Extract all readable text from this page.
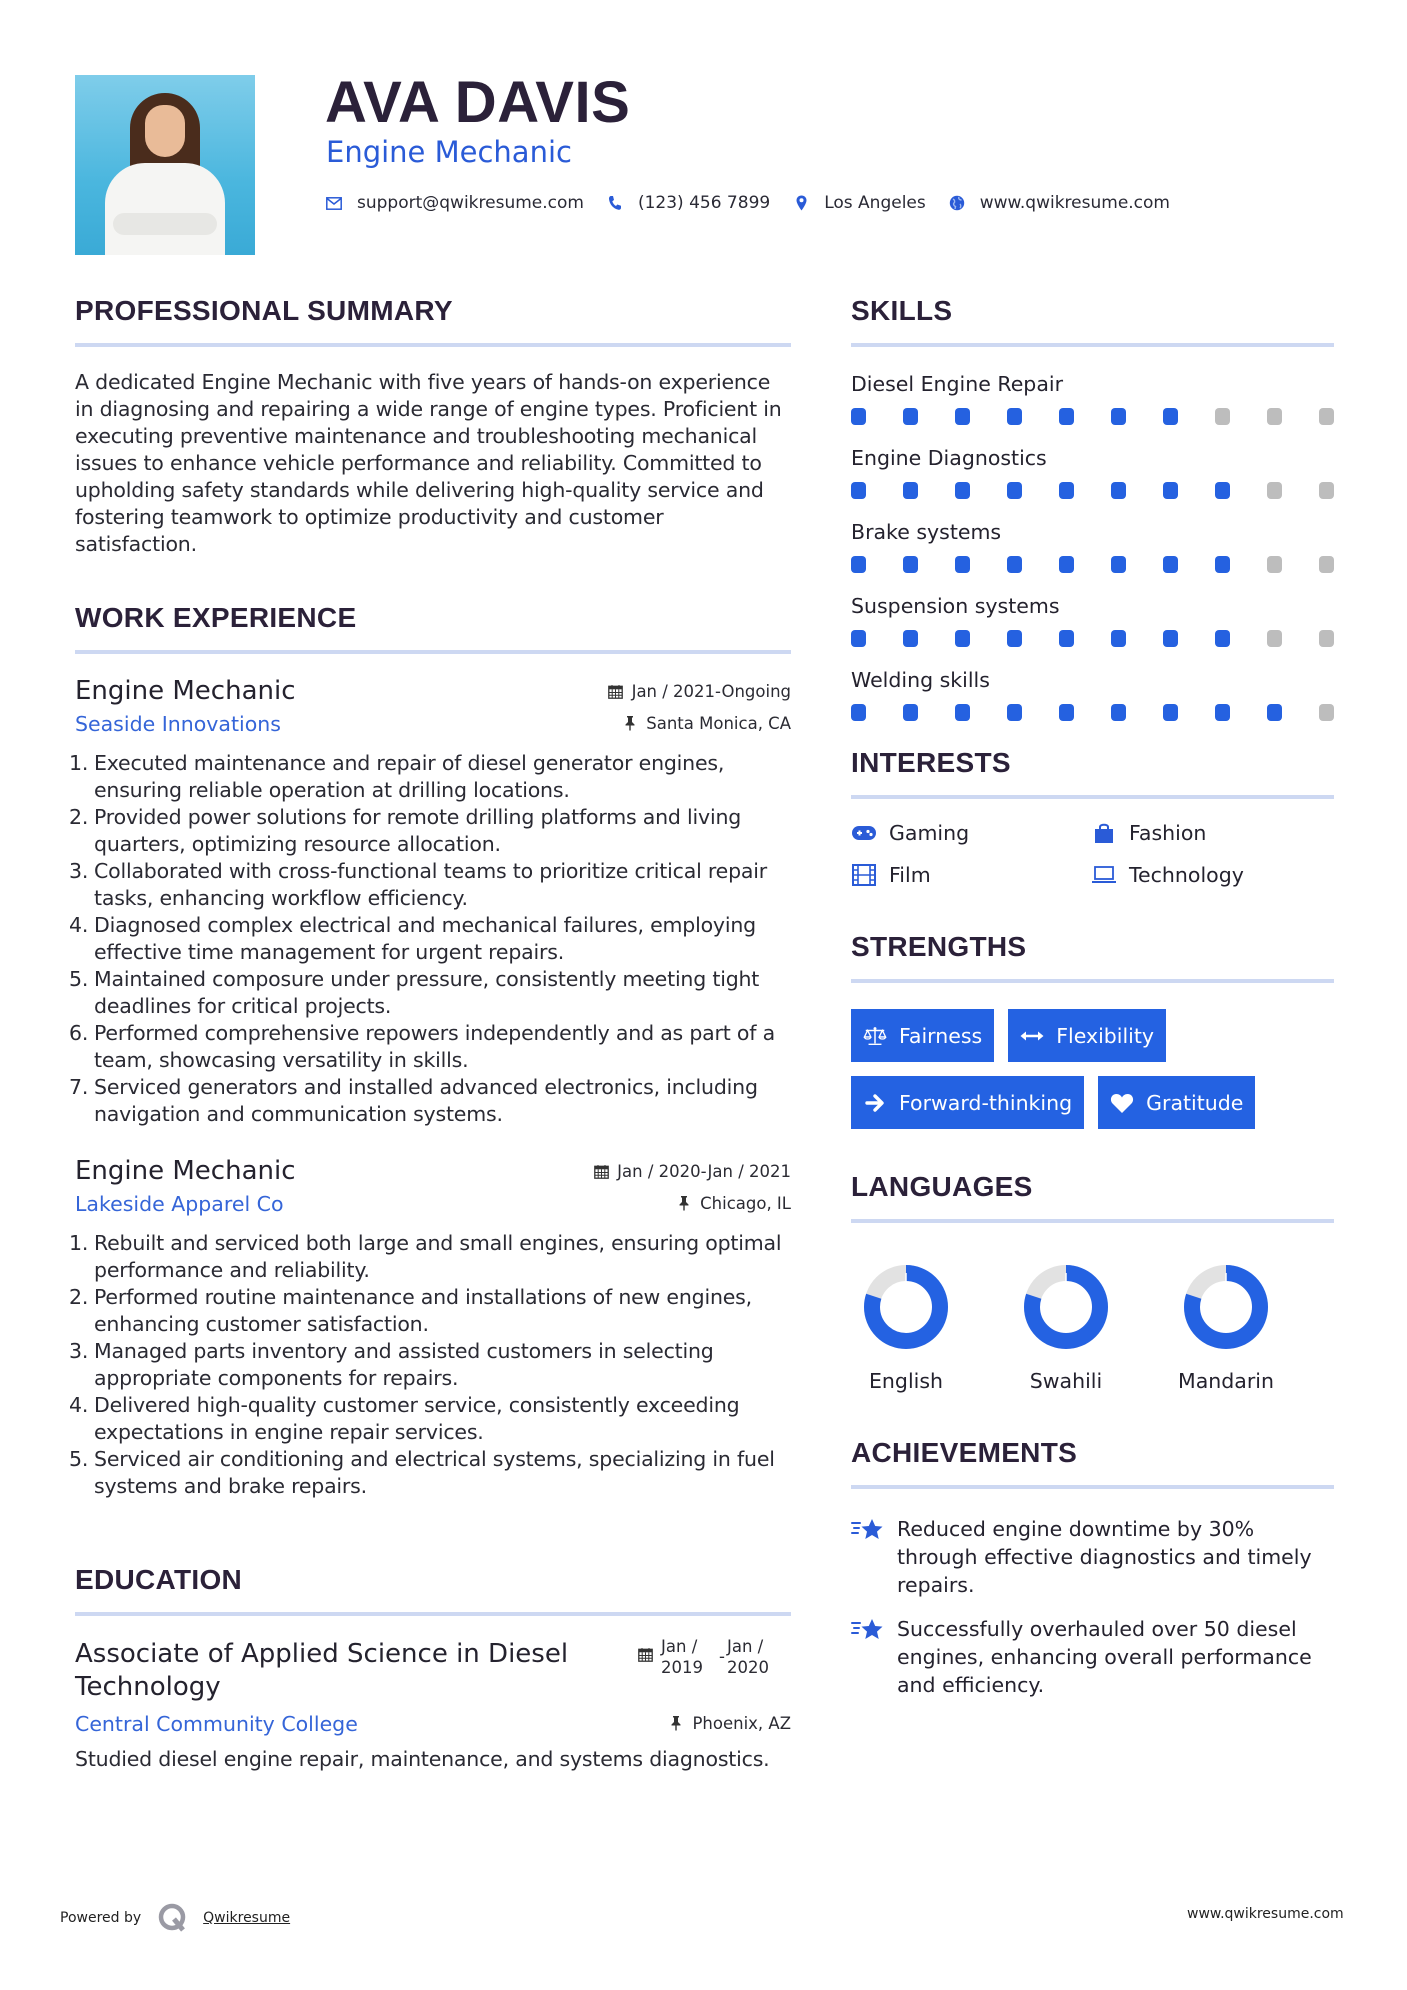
AVA DAVIS
Engine Mechanic
support@qwikresume.com	(123) 456 7899	Los Angeles	www.qwikresume.com
PROFESSIONAL SUMMARY

A dedicated Engine Mechanic with five years of hands-on experience in diagnosing and repairing a wide range of engine types. Proficient in executing preventive maintenance and troubleshooting mechanical issues to enhance vehicle performance and reliability. Committed to upholding safety standards while delivering high-quality service and fostering teamwork to optimize productivity and customer satisfaction.

WORK EXPERIENCE
Engine Mechanic	Jan / 2021-Ongoing
Seaside Innovations	Santa Monica, CA
1. Executed maintenance and repair of diesel generator engines, ensuring reliable operation at drilling locations.
2. Provided power solutions for remote drilling platforms and living quarters, optimizing resource allocation.
3. Collaborated with cross-functional teams to prioritize critical repair tasks, enhancing workflow efficiency.
4. Diagnosed complex electrical and mechanical failures, employing effective time management for urgent repairs.
5. Maintained composure under pressure, consistently meeting tight deadlines for critical projects.
6. Performed comprehensive repowers independently and as part of a team, showcasing versatility in skills.
7. Serviced generators and installed advanced electronics, including navigation and communication systems.
Engine Mechanic	Jan / 2020-Jan / 2021
Lakeside Apparel Co	Chicago, IL
1. Rebuilt and serviced both large and small engines, ensuring optimal performance and reliability.
2. Performed routine maintenance and installations of new engines, enhancing customer satisfaction.
3. Managed parts inventory and assisted customers in selecting appropriate components for repairs.
4. Delivered high-quality customer service, consistently exceeding expectations in engine repair services.
5. Serviced air conditioning and electrical systems, specializing in fuel systems and brake repairs.
EDUCATION
Associate of Applied Science in Diesel Technology
Jan /
2019
-
Jan /
2020
Central Community College	Phoenix, AZ

Studied diesel engine repair, maintenance, and systems diagnostics.

SKILLS
Diesel Engine Repair
Engine Diagnostics
Brake systems
Suspension systems
Welding skills
INTERESTS
Gaming	Fashion
Film	Technology
STRENGTHS
Fairness	Flexibility
Forward-thinking	Gratitude
LANGUAGES
English	Swahili	Mandarin
ACHIEVEMENTS
Reduced engine downtime by 30% through effective diagnostics and timely repairs.
Successfully overhauled over 50 diesel engines, enhancing overall performance and efficiency.
Powered by	Qwikresume	www.qwikresume.com
